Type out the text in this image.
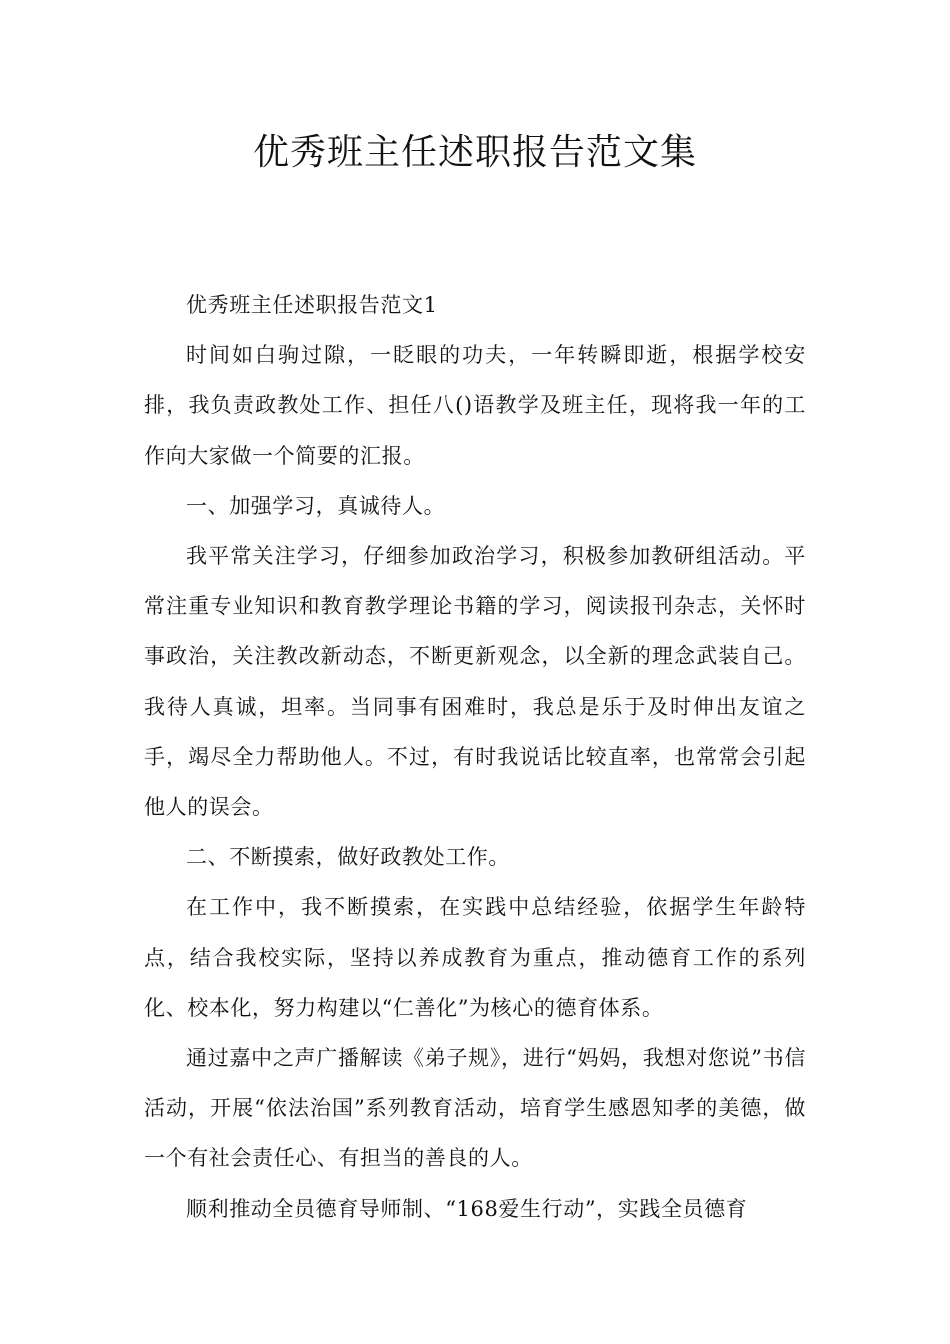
优秀班主任述职报告范文集

优秀班主任述职报告范文1

时间如白驹过隙，一眨眼的功夫，一年转瞬即逝，根据学校安排，我负责政教处工作、担任八()语教学及班主任，现将我一年的工作向大家做一个简要的汇报。

一、加强学习，真诚待人。

我平常关注学习，仔细参加政治学习，积极参加教研组活动。平常注重专业知识和教育教学理论书籍的学习，阅读报刊杂志，关怀时事政治，关注教改新动态，不断更新观念，以全新的理念武装自己。我待人真诚，坦率。当同事有困难时，我总是乐于及时伸出友谊之手，竭尽全力帮助他人。不过，有时我说话比较直率，也常常会引起他人的误会。

二、不断摸索，做好政教处工作。

在工作中，我不断摸索，在实践中总结经验，依据学生年龄特点，结合我校实际，坚持以养成教育为重点，推动德育工作的系列化、校本化，努力构建以“仁善化”为核心的德育体系。

通过嘉中之声广播解读《弟子规》，进行“妈妈，我想对您说”书信活动，开展“依法治国”系列教育活动，培育学生感恩知孝的美德，做一个有社会责任心、有担当的善良的人。

顺利推动全员德育导师制、“168爱生行动”，实践全员德育
